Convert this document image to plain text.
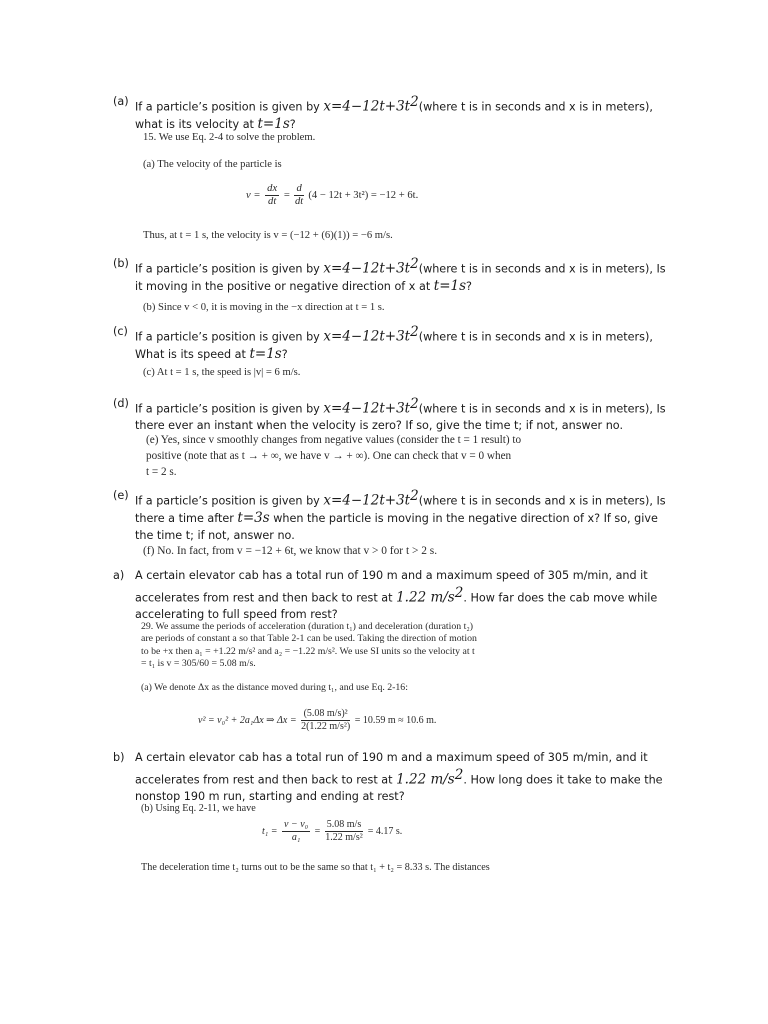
(a) If a particle’s position is given by $x=4-12t+3t^2(where$ t is in seconds and x is in meters),
what is its velocity at t=1s?
15. We use Eq. 2-4 to solve the problem.
(a) The velocity of the particle is
$v = \frac{dx}{dt} = \frac{d}{dt} (4 - 12t + 3t^2) = -12 + 6t$.
Thus, at t = 1 s, the velocity is v = (−12 + (6)(1)) = −6 m/s.
(b) If a particle’s position is given by $x=4-12t+3t^2(where$ t is in seconds and x is in meters), Is
it moving in the positive or negative direction of x at t=1s?
(b) Since v < 0, it is moving in the −x direction at t = 1 s.
(c) If a particle’s position is given by $x=4-12t+3t^2(where$ t is in seconds and x is in meters),
What is its speed at t=1s?
(c) At t = 1 s, the speed is |v| = 6 m/s.
(d) If a particle’s position is given by $x=4-12t+3t^2(where$ t is in seconds and x is in meters), Is
there ever an instant when the velocity is zero? If so, give the time t; if not, answer no.
(e) Yes, since v smoothly changes from negative values (consider the t = 1 result) to
positive (note that as t → + ∞, we have v → + ∞). One can check that v = 0 when
t = 2 s.
(e) If a particle’s position is given by $x=4-12t+3t^2(where$ t is in seconds and x is in meters), Is
there a time after t=3s when the particle is moving in the negative direction of x? If so, give
the time t; if not, answer no.
(f) No. In fact, from v = −12 + 6t, we know that v > 0 for t > 2 s.
a) A certain elevator cab has a total run of 190 m and a maximum speed of 305 m/min, and it
accelerates from rest and then back to rest at 1.22 $m/s^2$. How far does the cab move while
accelerating to full speed from rest?
29. We assume the periods of acceleration (duration t₁) and deceleration (duration t₂)
are periods of constant a so that Table 2-1 can be used. Taking the direction of motion
to be +x then a₁ = +1.22 m/s² and a₂ = −1.22 m/s². We use SI units so the velocity at t
= t₁ is v = 305/60 = 5.08 m/s.
(a) We denote Δx as the distance moved during t₁, and use Eq. 2-16:
v² = v₀² + 2a₁Δx ⇒ $\Delta x = \frac{\text{(5.08 m/s)²}}{\text{2(1.22 m/s²)}} = 10.59$ m ≈ 10.6 m.
b) A certain elevator cab has a total run of 190 m and a maximum speed of 305 m/min, and it
accelerates from rest and then back to rest at 1.22 $m/s^2$. How long does it take to make the
nonstop 190 m run, starting and ending at rest?
(b) Using Eq. 2-11, we have
$t_1 = \frac{\text{v − v₀}}{\text{a₁}} = \frac{5.08 m/s}{\text{1.22 m/s²}} = 4.17$ s.
The deceleration time t₂ turns out to be the same so that t₁ + t₂ = 8.33 s. The distances
